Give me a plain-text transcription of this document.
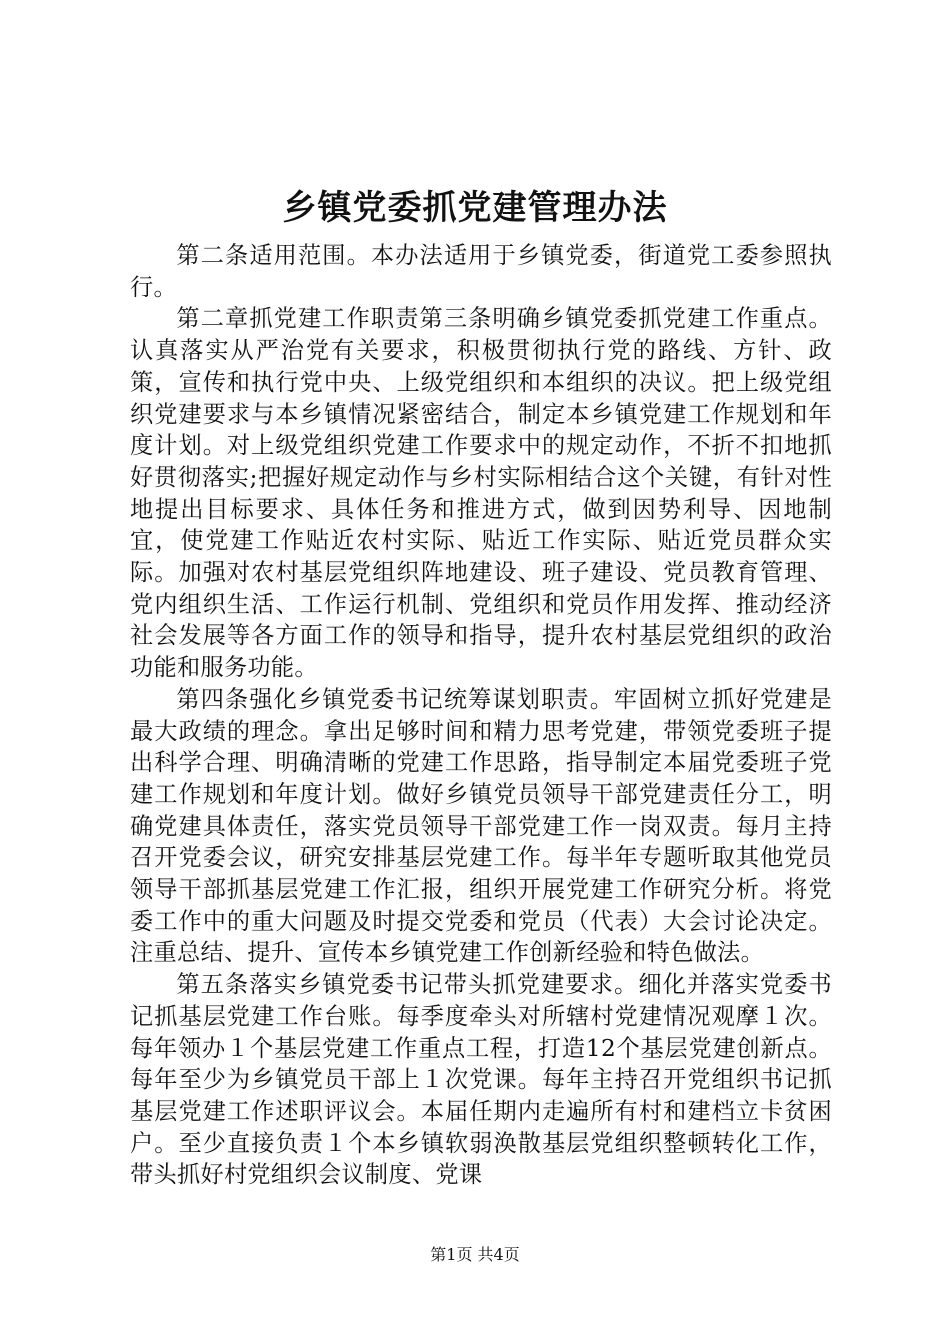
乡镇党委抓党建管理办法

第二条适用范围。本办法适用于乡镇党委，街道党工委参照执行。

第二章抓党建工作职责第三条明确乡镇党委抓党建工作重点。认真落实从严治党有关要求，积极贯彻执行党的路线、方针、政策，宣传和执行党中央、上级党组织和本组织的决议。把上级党组织党建要求与本乡镇情况紧密结合，制定本乡镇党建工作规划和年度计划。对上级党组织党建工作要求中的规定动作，不折不扣地抓好贯彻落实;把握好规定动作与乡村实际相结合这个关键，有针对性地提出目标要求、具体任务和推进方式，做到因势利导、因地制宜，使党建工作贴近农村实际、贴近工作实际、贴近党员群众实际。加强对农村基层党组织阵地建设、班子建设、党员教育管理、党内组织生活、工作运行机制、党组织和党员作用发挥、推动经济社会发展等各方面工作的领导和指导，提升农村基层党组织的政治功能和服务功能。

第四条强化乡镇党委书记统筹谋划职责。牢固树立抓好党建是最大政绩的理念。拿出足够时间和精力思考党建，带领党委班子提出科学合理、明确清晰的党建工作思路，指导制定本届党委班子党建工作规划和年度计划。做好乡镇党员领导干部党建责任分工，明确党建具体责任，落实党员领导干部党建工作一岗双责。每月主持召开党委会议，研究安排基层党建工作。每半年专题听取其他党员领导干部抓基层党建工作汇报，组织开展党建工作研究分析。将党委工作中的重大问题及时提交党委和党员（代表）大会讨论决定。注重总结、提升、宣传本乡镇党建工作创新经验和特色做法。

第五条落实乡镇党委书记带头抓党建要求。细化并落实党委书记抓基层党建工作台账。每季度牵头对所辖村党建情况观摩１次。每年领办１个基层党建工作重点工程，打造12个基层党建创新点。每年至少为乡镇党员干部上１次党课。每年主持召开党组织书记抓基层党建工作述职评议会。本届任期内走遍所有村和建档立卡贫困户。至少直接负责１个本乡镇软弱涣散基层党组织整顿转化工作，带头抓好村党组织会议制度、党课

第1页 共4页
